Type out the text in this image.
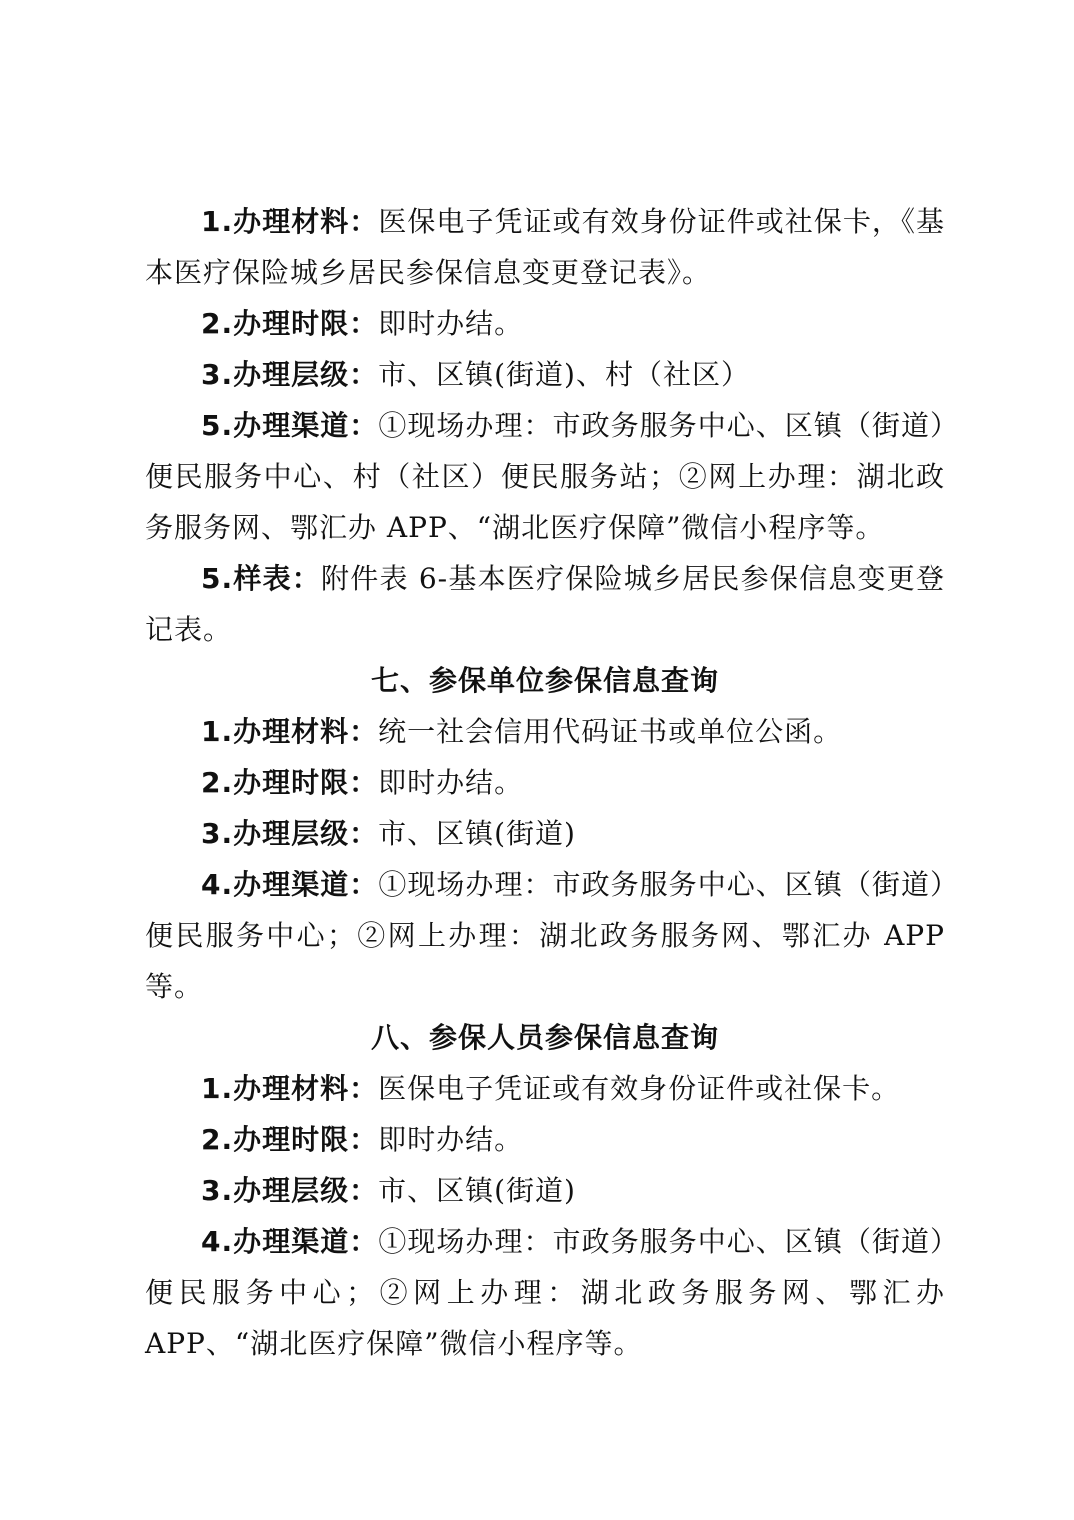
1.办理材料：医保电子凭证或有效身份证件或社保卡，《基本医疗保险城乡居民参保信息变更登记表》。

2.办理时限：即时办结。

3.办理层级：市、区镇(街道)、村（社区）

5.办理渠道：①现场办理：市政务服务中心、区镇（街道）便民服务中心、村（社区）便民服务站；②网上办理：湖北政务服务网、鄂汇办 APP、“湖北医疗保障”微信小程序等。

5.样表：附件表 6-基本医疗保险城乡居民参保信息变更登记表。

七、参保单位参保信息查询

1.办理材料：统一社会信用代码证书或单位公函。

2.办理时限：即时办结。

3.办理层级：市、区镇(街道)

4.办理渠道：①现场办理：市政务服务中心、区镇（街道）便民服务中心；②网上办理：湖北政务服务网、鄂汇办 APP 等。

八、参保人员参保信息查询

1.办理材料：医保电子凭证或有效身份证件或社保卡。

2.办理时限：即时办结。

3.办理层级：市、区镇(街道)

4.办理渠道：①现场办理：市政务服务中心、区镇（街道）便民服务中心；②网上办理：湖北政务服务网、鄂汇办 APP、“湖北医疗保障”微信小程序等。
